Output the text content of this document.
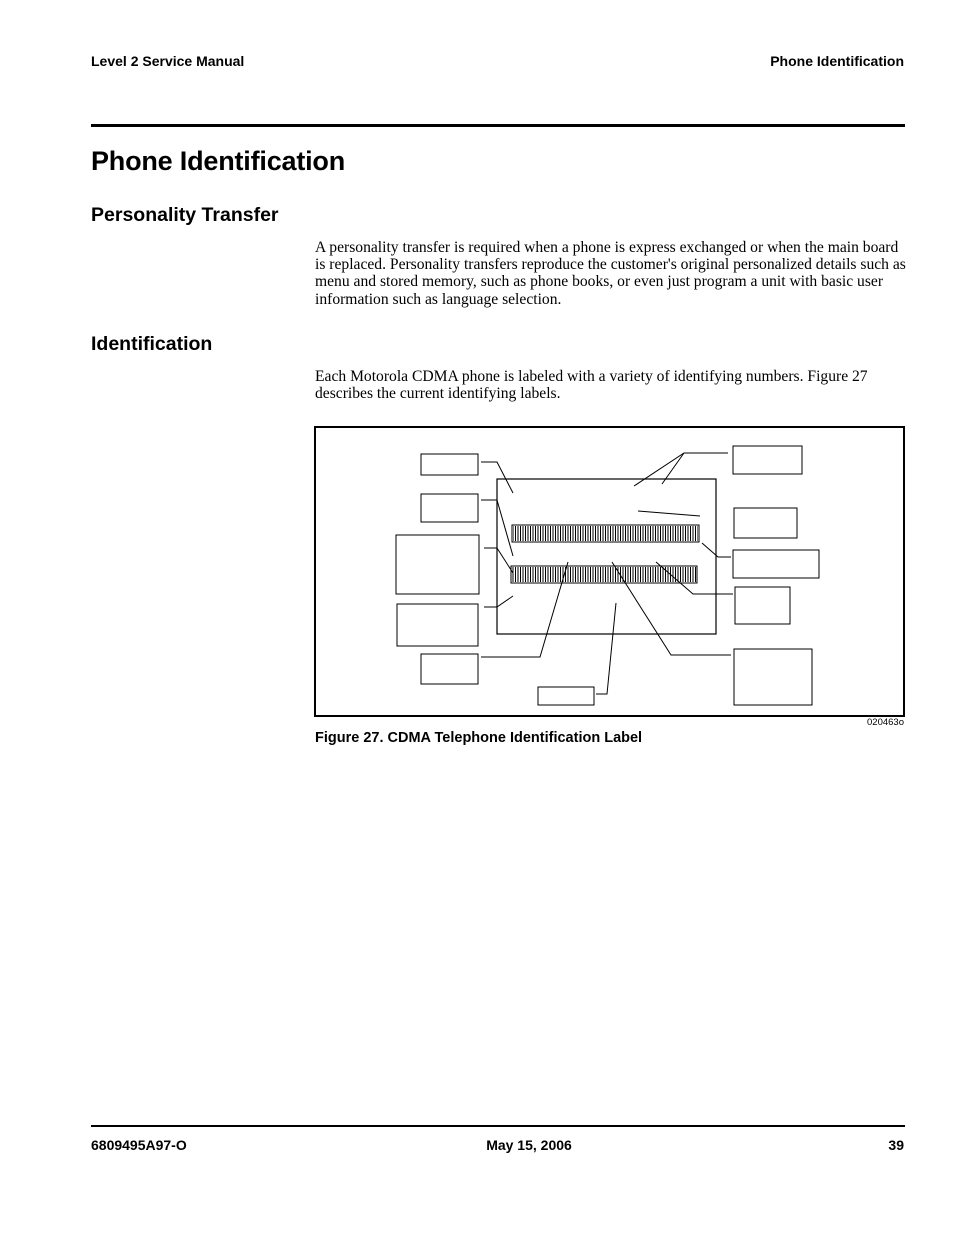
Level 2 Service Manual	Phone Identification
Phone Identification
Personality Transfer

A personality transfer is required when a phone is express exchanged or when the main board is replaced. Personality transfers reproduce the customer's original personalized details such as menu and stored memory, such as phone books, or even just program a unit with basic user information such as language selection.

Identification

Each Motorola CDMA phone is labeled with a variety of identifying numbers. Figure 27 describes the current identifying labels.

020463o
Figure 27. CDMA Telephone Identification Label
6809495A97-O	May 15, 2006	39
